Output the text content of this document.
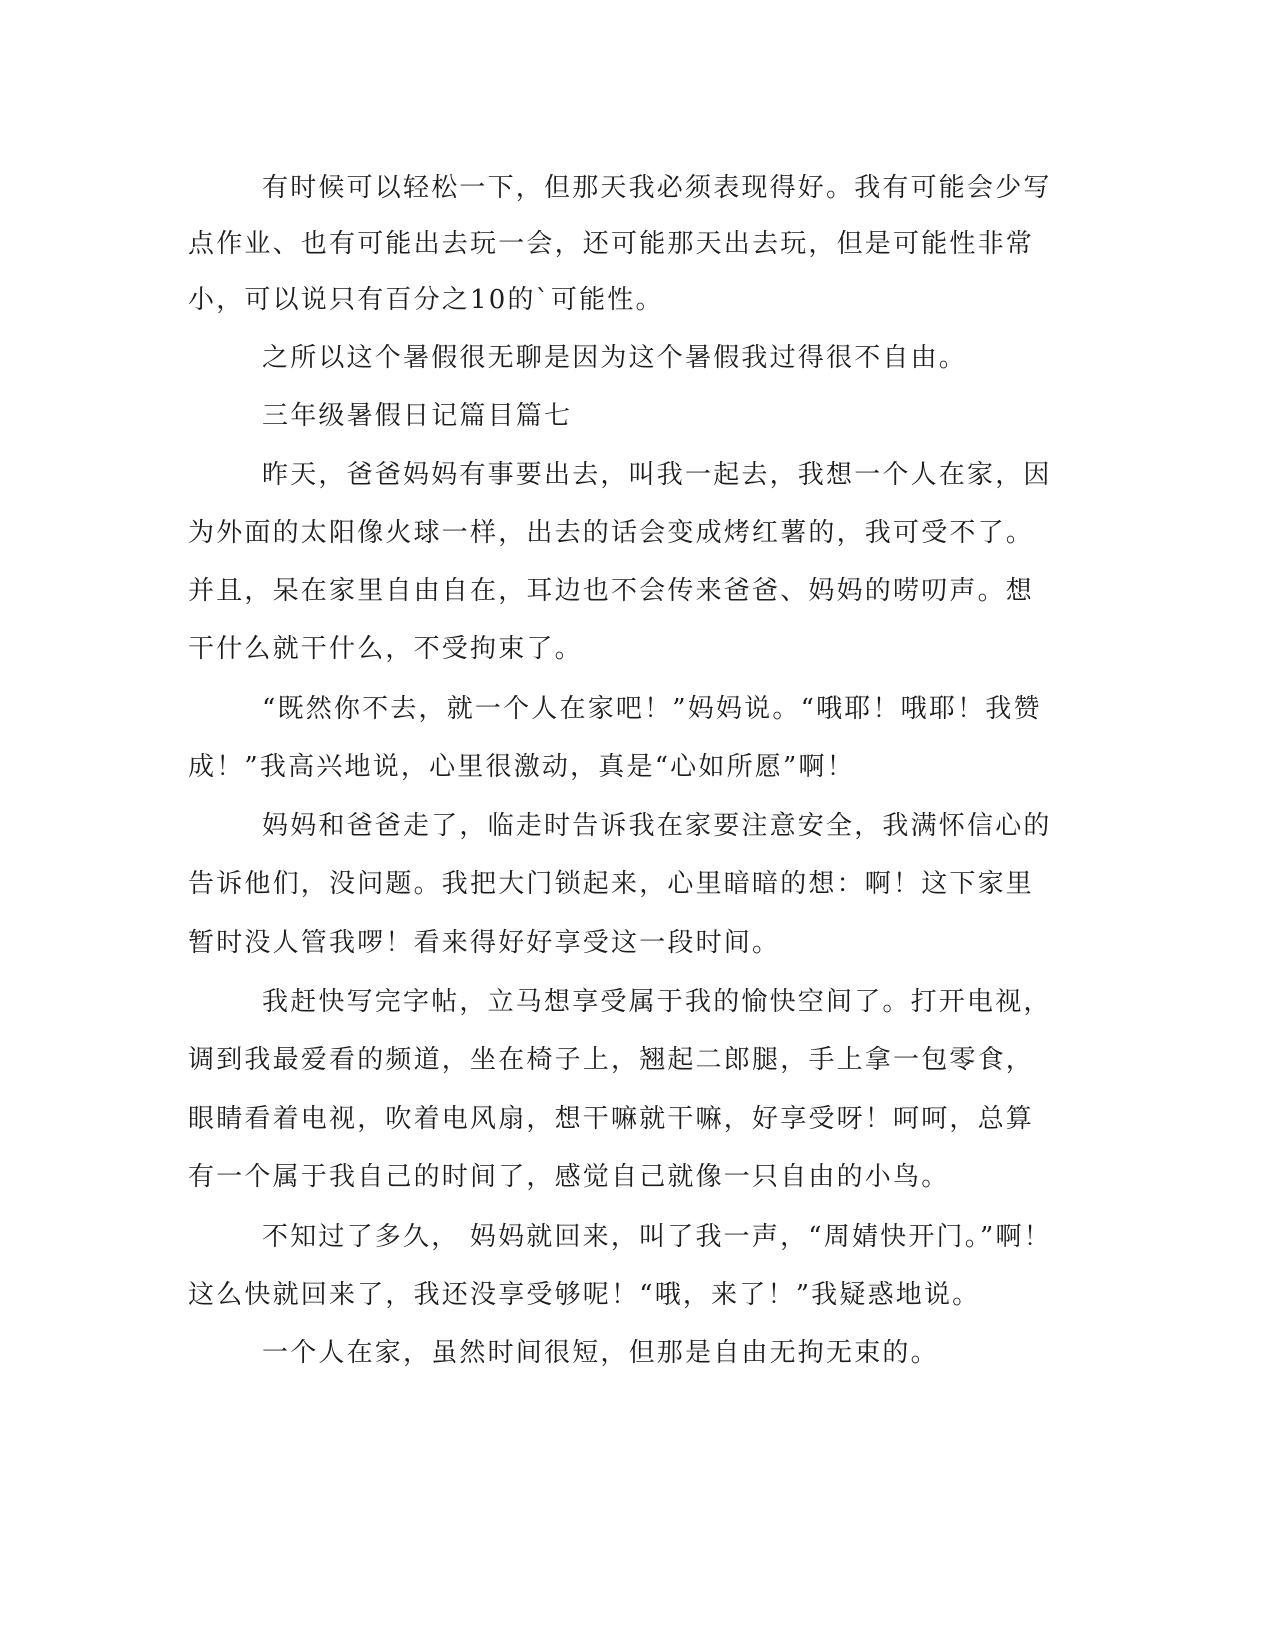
有时候可以轻松一下，但那天我必须表现得好。我有可能会少写

点作业、也有可能出去玩一会，还可能那天出去玩，但是可能性非常

小，可以说只有百分之10的`可能性。

之所以这个暑假很无聊是因为这个暑假我过得很不自由。

三年级暑假日记篇目篇七

昨天，爸爸妈妈有事要出去，叫我一起去，我想一个人在家，因

为外面的太阳像火球一样，出去的话会变成烤红薯的，我可受不了。

并且，呆在家里自由自在，耳边也不会传来爸爸、妈妈的唠叨声。想

干什么就干什么，不受拘束了。

“既然你不去，就一个人在家吧！”妈妈说。“哦耶！哦耶！我赞

成！”我高兴地说，心里很激动，真是“心如所愿”啊！

妈妈和爸爸走了，临走时告诉我在家要注意安全，我满怀信心的

告诉他们，没问题。我把大门锁起来，心里暗暗的想：啊！这下家里

暂时没人管我啰！看来得好好享受这一段时间。

我赶快写完字帖，立马想享受属于我的愉快空间了。打开电视，

调到我最爱看的频道，坐在椅子上，翘起二郎腿，手上拿一包零食，

眼睛看着电视，吹着电风扇，想干嘛就干嘛，好享受呀！呵呵，总算

有一个属于我自己的时间了，感觉自己就像一只自由的小鸟。

不知过了多久， 妈妈就回来，叫了我一声，“周婧快开门。”啊！

这么快就回来了，我还没享受够呢！“哦，来了！”我疑惑地说。

一个人在家，虽然时间很短，但那是自由无拘无束的。
